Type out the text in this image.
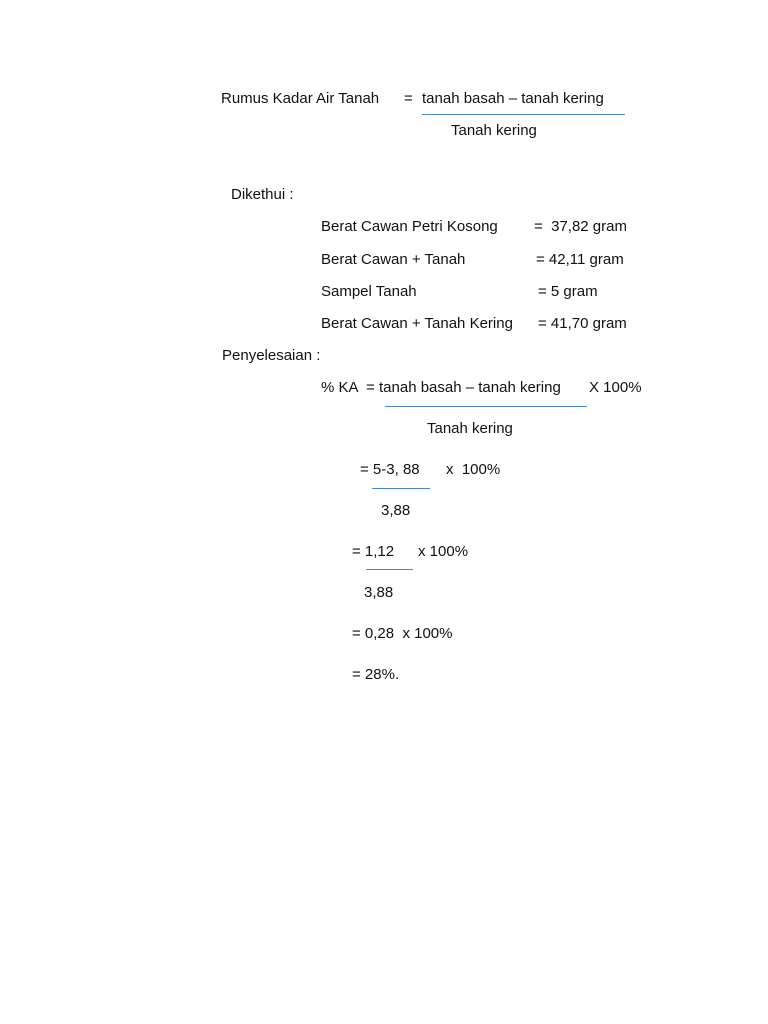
Rumus Kadar Air Tanah = tanah basah – tanah kering
Tanah kering
Dikethui :
Berat Cawan Petri Kosong =  37,82 gram
Berat Cawan + Tanah	= 42,11 gram
Sampel Tanah	= 5 gram
Berat Cawan + Tanah Kering = 41,70 gram
Penyelesaian :
% KA  = tanah basah – tanah kering X 100%
Tanah kering
= 5-3, 88 x  100%
3,88
= 1,12 x 100%
3,88
= 0,28  x 100%
= 28%.
